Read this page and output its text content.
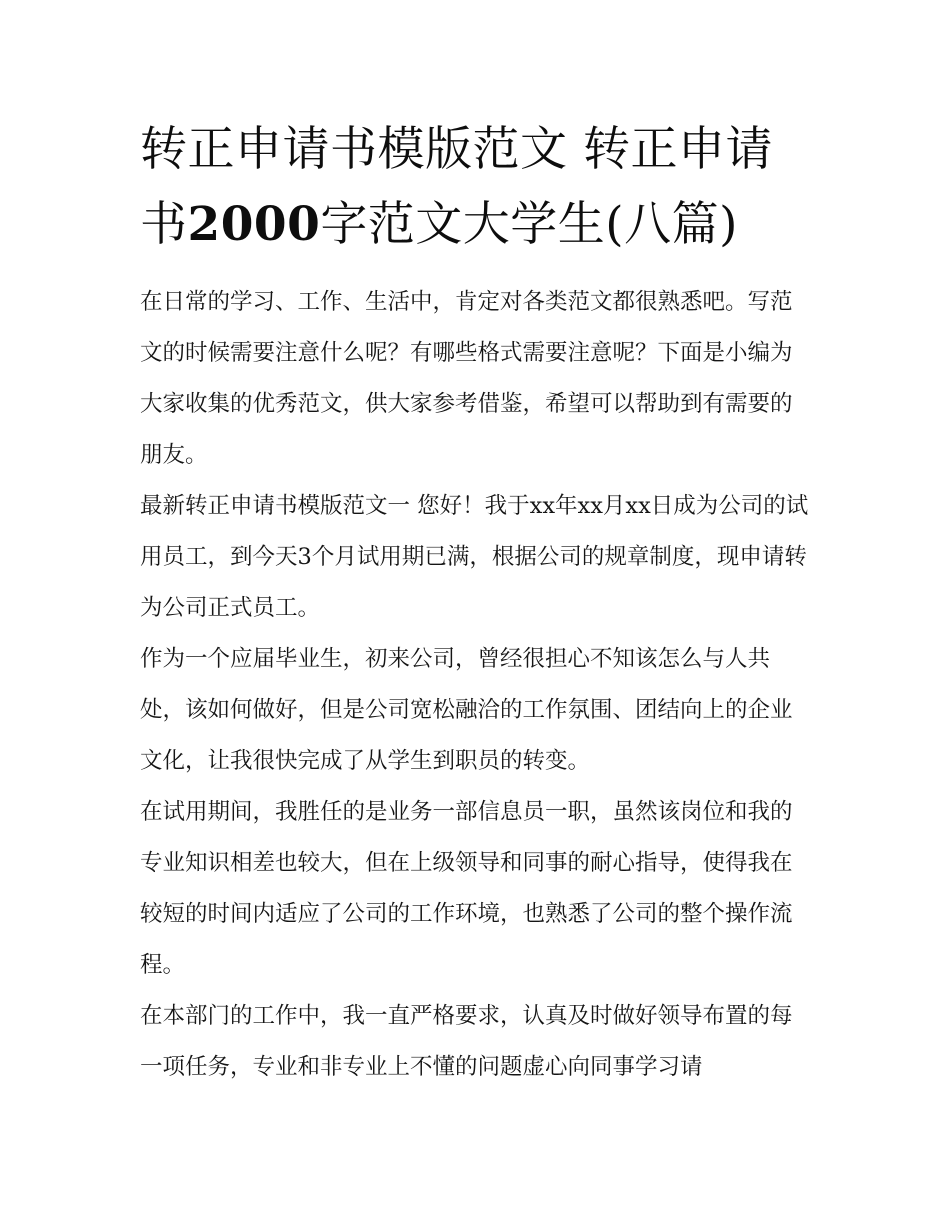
转正申请书模版范文 转正申请书2000字范文大学生(八篇)

在日常的学习、工作、生活中，肯定对各类范文都很熟悉吧。写范文的时候需要注意什么呢？有哪些格式需要注意呢？下面是小编为大家收集的优秀范文，供大家参考借鉴，希望可以帮助到有需要的朋友。

最新转正申请书模版范文一 您好！我于xx年xx月xx日成为公司的试用员工，到今天3个月试用期已满，根据公司的规章制度，现申请转为公司正式员工。

作为一个应届毕业生，初来公司，曾经很担心不知该怎么与人共处，该如何做好，但是公司宽松融洽的工作氛围、团结向上的企业文化，让我很快完成了从学生到职员的转变。

在试用期间，我胜任的是业务一部信息员一职，虽然该岗位和我的专业知识相差也较大，但在上级领导和同事的耐心指导，使得我在较短的时间内适应了公司的工作环境，也熟悉了公司的整个操作流程。

在本部门的工作中，我一直严格要求，认真及时做好领导布置的每一项任务，专业和非专业上不懂的问题虚心向同事学习请
